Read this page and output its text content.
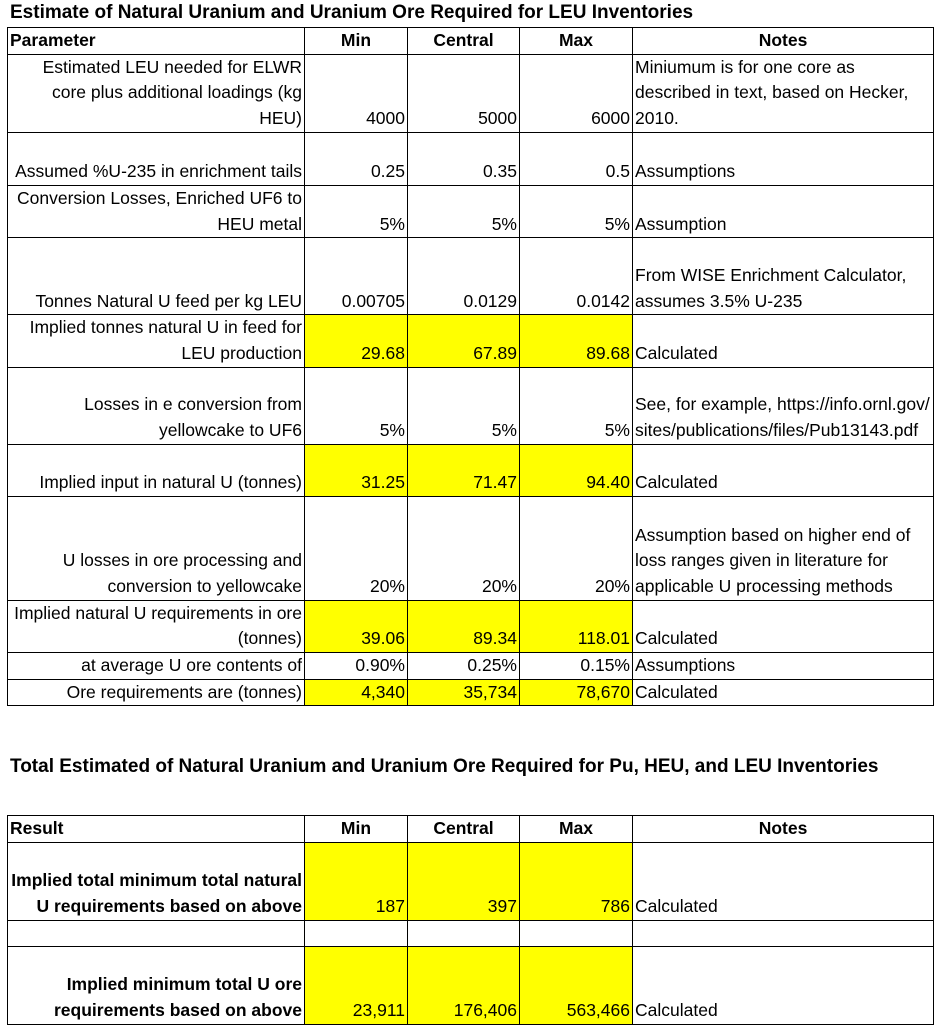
Estimate of Natural Uranium and Uranium Ore Required for LEU Inventories
Parameter	Min	Central	Max	Notes
Estimated LEU needed for ELWR core plus additional loadings (kg HEU)	4000	5000	6000	Miniumum is for one core as described in text, based on Hecker, 2010.
Assumed %U-235 in enrichment tails	0.25	0.35	0.5	Assumptions
Conversion Losses, Enriched UF6 to HEU metal	5%	5%	5%	Assumption
Tonnes Natural U feed per kg LEU	0.00705	0.0129	0.0142	From WISE Enrichment Calculator, assumes 3.5% U-235
Implied tonnes natural U in feed for LEU production	29.68	67.89	89.68	Calculated
Losses in e conversion from yellowcake to UF6	5%	5%	5%	See, for example, https://info.ornl.gov/sites/publications/files/Pub13143.pdf
Implied input in natural U (tonnes)	31.25	71.47	94.40	Calculated
U losses in ore processing and conversion to yellowcake	20%	20%	20%	Assumption based on higher end of loss ranges given in literature for applicable U processing methods
Implied natural U requirements in ore (tonnes)	39.06	89.34	118.01	Calculated
at average U ore contents of	0.90%	0.25%	0.15%	Assumptions
Ore requirements are (tonnes)	4,340	35,734	78,670	Calculated
Total Estimated of Natural Uranium and Uranium Ore Required for Pu, HEU, and LEU Inventories
Result	Min	Central	Max	Notes
Implied total minimum total natural U requirements based on above	187	397	786	Calculated

Implied minimum total U ore requirements based on above	23,911	176,406	563,466	Calculated
